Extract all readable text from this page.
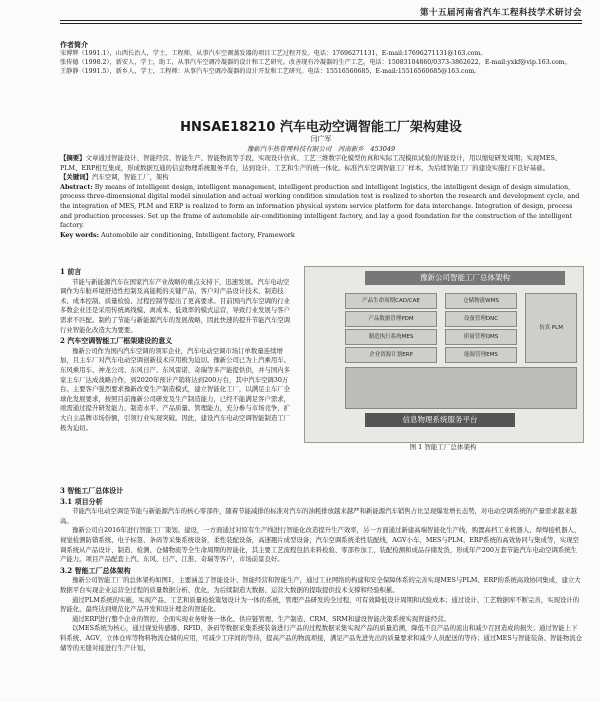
第十五届河南省汽车工程科技学术研讨会
作者简介
宋博辉（1991.1），山西长治人，学士，工程师，从事汽车空调蒸发器的项目工艺过程开发。电话：17696271131，E-mail:17696271131@163.com。
张传德（1998.2），新安人，学士，助工，从事汽车空调冷凝器的设计和工艺研究。改善现有冷凝器的生产工艺。电话：15083104860/0373-3862622，E-mail:yxkf@vip.163.com。
王静静（1991.5），新乡人，学士，工程师：从事汽车空调冷凝器的设计开发和工艺研究。电话：15516560685，E-mail:15516560685@163.com。
HNSAE18210 汽车电动空调智能工厂架构建设
闫广军
豫新汽车热管理科技有限公司　河南新乡　453049

【摘要】文章通过智能设计、智能经营、智能生产、智能物流等手段，实现设计仿真、工艺三维数字化模型仿真和实际工况模拟试验的智能设计，用以缩短研发周期；实现MES、PLM、ERP相互集成，形成数据互通的信息物理系统服务平台，达到设计、工艺和生产的统一体化。标准汽车空调智能工厂样本，为后续智能工厂的建设实施打下良好基础。

【关键词】汽车空调，智能工厂，架构

Abstract: By means of intelligent design, intelligent management, intelligent production and intelligent logistics, the intelligent design of design simulation, process three-dimensional digital model simulation and actual working condition simulation test is realized to shorten the research and development cycle, and the integration of MES, PLM and ERP is realized to form an information physical system service platform for data interchange. Integration of design, process and production processes. Set up the frame of automobile air-conditioning intelligent factory, and lay a good foundation for the construction of the intelligent factory.

Key words: Automobile air conditioning, Intelligent factory, Framework

1 前言

节能与新能源汽车在国家汽车产业战略的重点支持下，迅速发展。汽车电动空调作为车舱环境舒适性控制及高能耗的关键产品，客户对产品设计技术、制造技术、成本控制、质量检验、过程控制等提出了更高要求。目前国内汽车空调的行业多数企业还是采用传统离线模、离成本、低效率的模式运营，导致行业发展与客户需求不匹配。制约了节能与新能源汽车的发展战略，因此快速的提升节能汽车空调行业智能化改造大为要要。

2 汽车空调智能工厂框架建设的意义

豫新公司作为国内汽车空调的领军企业，汽车电动空调市场订单数量连续增加，且主车厂对汽车电动空调创新技术应用极为迫切。豫新公司已为上汽乘用车、东风乘用车、神龙公司、东风日产、东风雷诺、奇瑞等多产能提供供，并与国内多家主车厂达成战略合作，到2020年预计产销将达到200万台，其中汽车空调30万台。主要客户强烈要求豫新改变生产制造模式，建立智能化工厂，以满足主车厂全球化发展要求，按照目前豫新公司研发及生产制造能力，已经不能满足客户需求，亟需通过提升研发能力、制造水平、产品质量、管理能力，充分参与市场竞争，扩大自主品牌市场份额，引领行业实现突破。因此，建设汽车电动空调智能制造工厂极为迫切。

豫新公司智能工厂总体架构
产品生命周期CAD/CAE
产品数据管理PDM
制造执行系统MES
企业资源计划ERP
仓储物流WMS
设备管理DNC
质量管理QMS
能源管理EMS
仿真 PLM
信息物理系统服务平台
图 1 智能工厂总体架构
3 智能工厂总体设计
3.1 项目分析

节能汽车电动空调是节能与新能源汽车的核心零部件，随着节能减排的标准对汽车的油耗排放越来越严和新能源汽车销售占比呈现爆发增长态势，对电动空调系统的产量需求越来越高。

豫新公司自2016年进行智能工厂策划、建设，一方面通过对原有生产线进行智能化改造提升生产效率，另一方面通过新建高端智能化生产线，购置高档工业机器人、焊焊接机器人、视觉检测防错系统、电子标签、条码等采集系统设备，柔性装配设备，高速翘片成型设备，汽车空调系统柔性装配线，AGV小车、MES与PLM、ERP系统的高效协同与集成等，实现空调系统从产品设计、制造、检测、仓储物流等全生命周期的智能化，其主要工艺流程包括来料检验、零部件加工、装配检测和成品存储发货，形成年产200万套节能汽车电动空调系统生产能力。项目产品配套上汽、东风、日产、江淮、奇瑞等客户，市场前景良好。

3.2 智能工厂总体架构

豫新公司智能工厂的总体架构如图1，主要涵盖了智能设计、智能经营和智能生产，通过工业网络的构建和安全保障体系的完善实现MES与PLM、ERP的系统高效协同集成，建立大数据平台实现企业运营全过程的质量数据分析、优化，为后续制造大数据、运营大数据的提取提供技术支撑和经验积累。

通过PLM系统的实施，实现产品、工艺和质量检验策划设计为一体的系统，管理产品研发的全过程，可有效降低设计周期和试验成本；通过设计、工艺数据库不断完善，实现设计的智能化，最终达到规范化产品开发和设计理念的智能化。

通过ERP进行整个企业的管控，全面实现业务财务一体化、供应链管理、生产制造、CRM、SRM和建设智能决策系统实现智能经营。

以MES系统为核心，通过视觉传感器、RFID、条码等数据采集系统装备进行产品的过程数据采集实现产品的质量追溯，降低不良产品的流出和减少召回造成的损失；通过智能上下料系统、AGV，立体仓库等物料物流仓储的应用，可减少工序间的等待，提高产品的物流琐接，满足产品先进先出的质量要求和减少人员配送的等待；通过MES与智能装备、智能物流仓储等的无缝对接进行生产计划、
